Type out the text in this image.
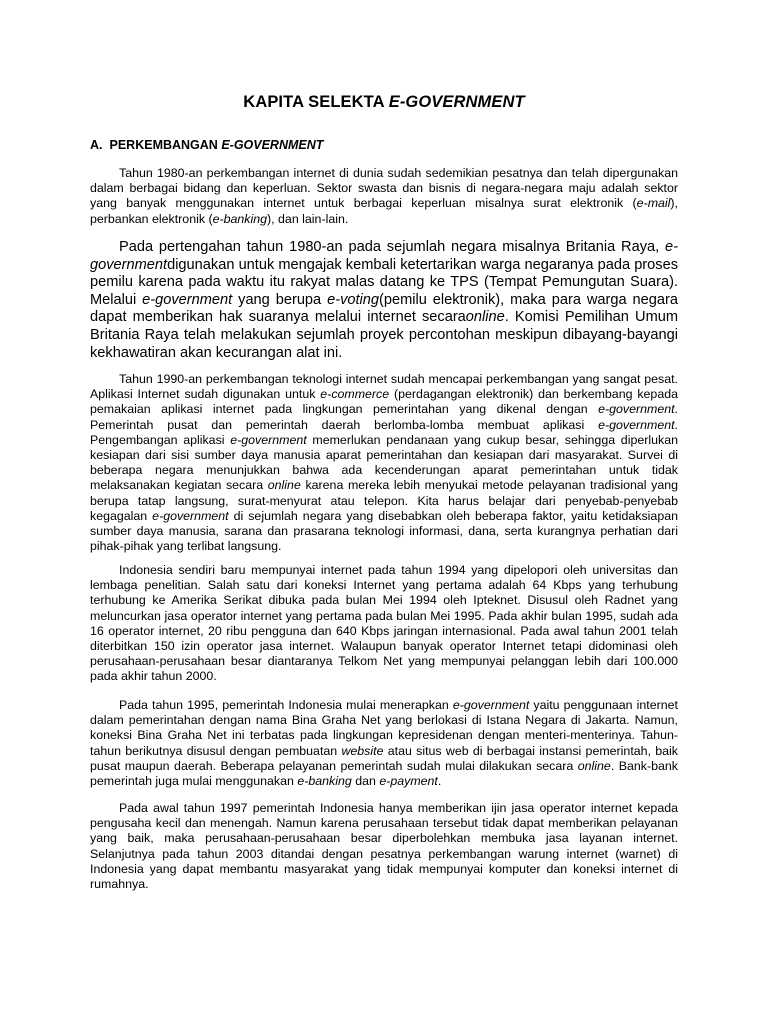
KAPITA SELEKTA E-GOVERNMENT
A. PERKEMBANGAN E-GOVERNMENT

Tahun 1980-an perkembangan internet di dunia sudah sedemikian pesatnya dan telah dipergunakan dalam berbagai bidang dan keperluan. Sektor swasta dan bisnis di negara-negara maju adalah sektor yang banyak menggunakan internet untuk berbagai keperluan misalnya surat elektronik (e-mail), perbankan elektronik (e-banking), dan lain-lain.

Pada pertengahan tahun 1980-an pada sejumlah negara misalnya Britania Raya, e-governmentdigunakan untuk mengajak kembali ketertarikan warga negaranya pada proses pemilu karena pada waktu itu rakyat malas datang ke TPS (Tempat Pemungutan Suara). Melalui e-government yang berupa e-voting(pemilu elektronik), maka para warga negara dapat memberikan hak suaranya melalui internet secaraonline. Komisi Pemilihan Umum Britania Raya telah melakukan sejumlah proyek percontohan meskipun dibayang-bayangi kekhawatiran akan kecurangan alat ini.

Tahun 1990-an perkembangan teknologi internet sudah mencapai perkembangan yang sangat pesat. Aplikasi Internet sudah digunakan untuk e-commerce (perdagangan elektronik) dan berkembang kepada pemakaian aplikasi internet pada lingkungan pemerintahan yang dikenal dengan e-government. Pemerintah pusat dan pemerintah daerah berlomba-lomba membuat aplikasi e-government. Pengembangan aplikasi e-government memerlukan pendanaan yang cukup besar, sehingga diperlukan kesiapan dari sisi sumber daya manusia aparat pemerintahan dan kesiapan dari masyarakat. Survei di beberapa negara menunjukkan bahwa ada kecenderungan aparat pemerintahan untuk tidak melaksanakan kegiatan secara online karena mereka lebih menyukai metode pelayanan tradisional yang berupa tatap langsung, surat-menyurat atau telepon. Kita harus belajar dari penyebab-penyebab kegagalan e-government di sejumlah negara yang disebabkan oleh beberapa faktor, yaitu ketidaksiapan sumber daya manusia, sarana dan prasarana teknologi informasi, dana, serta kurangnya perhatian dari pihak-pihak yang terlibat langsung.

Indonesia sendiri baru mempunyai internet pada tahun 1994 yang dipelopori oleh universitas dan lembaga penelitian. Salah satu dari koneksi Internet yang pertama adalah 64 Kbps yang terhubung terhubung ke Amerika Serikat dibuka pada bulan Mei 1994 oleh Ipteknet. Disusul oleh Radnet yang meluncurkan jasa operator internet yang pertama pada bulan Mei 1995. Pada akhir bulan 1995, sudah ada 16 operator internet, 20 ribu pengguna dan 640 Kbps jaringan internasional. Pada awal tahun 2001 telah diterbitkan 150 izin operator jasa internet. Walaupun banyak operator Internet tetapi didominasi oleh perusahaan-perusahaan besar diantaranya Telkom Net yang mempunyai pelanggan lebih dari 100.000 pada akhir tahun 2000.

Pada tahun 1995, pemerintah Indonesia mulai menerapkan e-government yaitu penggunaan internet dalam pemerintahan dengan nama Bina Graha Net yang berlokasi di Istana Negara di Jakarta. Namun, koneksi Bina Graha Net ini terbatas pada lingkungan kepresidenan dengan menteri-menterinya. Tahun-tahun berikutnya disusul dengan pembuatan website atau situs web di berbagai instansi pemerintah, baik pusat maupun daerah. Beberapa pelayanan pemerintah sudah mulai dilakukan secara online. Bank-bank pemerintah juga mulai menggunakan e-banking dan e-payment.

Pada awal tahun 1997 pemerintah Indonesia hanya memberikan ijin jasa operator internet kepada pengusaha kecil dan menengah. Namun karena perusahaan tersebut tidak dapat memberikan pelayanan yang baik, maka perusahaan-perusahaan besar diperbolehkan membuka jasa layanan internet. Selanjutnya pada tahun 2003 ditandai dengan pesatnya perkembangan warung internet (warnet) di Indonesia yang dapat membantu masyarakat yang tidak mempunyai komputer dan koneksi internet di rumahnya.
